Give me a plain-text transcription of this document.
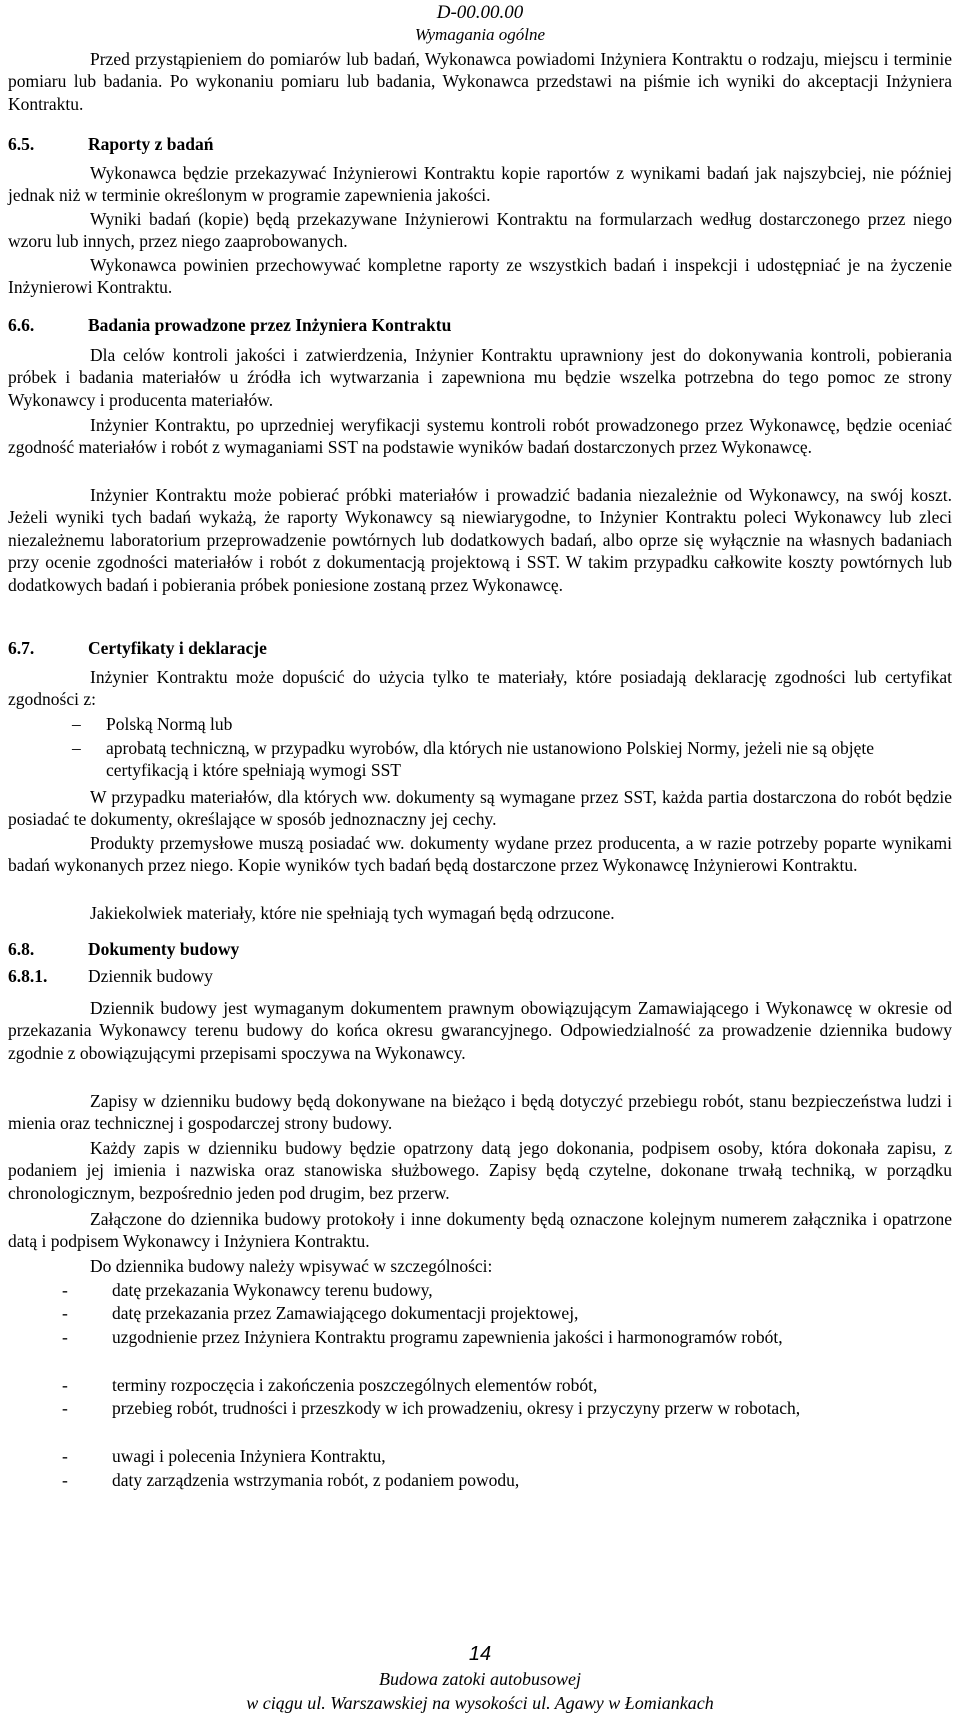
D-00.00.00
Wymagania ogólne
Przed przystąpieniem do pomiarów lub badań, Wykonawca powiadomi Inżyniera Kontraktu o rodzaju, miejscu i terminie pomiaru lub badania. Po wykonaniu pomiaru lub badania, Wykonawca przedstawi na piśmie ich wyniki do akceptacji Inżyniera Kontraktu.
6.5.	Raporty z badań
Wykonawca będzie przekazywać Inżynierowi Kontraktu kopie raportów z wynikami badań jak najszybciej, nie później jednak niż w terminie określonym w programie zapewnienia jakości.
Wyniki badań (kopie) będą przekazywane Inżynierowi Kontraktu na formularzach według dostarczonego przez niego wzoru lub innych, przez niego zaaprobowanych.
Wykonawca powinien przechowywać kompletne raporty ze wszystkich badań i inspekcji i udostępniać je na życzenie Inżynierowi Kontraktu.
6.6.	Badania prowadzone przez Inżyniera Kontraktu
Dla celów kontroli jakości i zatwierdzenia, Inżynier Kontraktu uprawniony jest do dokonywania kontroli, pobierania próbek i badania materiałów u źródła ich wytwarzania i zapewniona mu będzie wszelka potrzebna do tego pomoc ze strony Wykonawcy i producenta materiałów.
Inżynier Kontraktu, po uprzedniej weryfikacji systemu kontroli robót prowadzonego przez Wykonawcę, będzie oceniać zgodność materiałów i robót z wymaganiami SST na podstawie wyników badań dostarczonych przez Wykonawcę.
Inżynier Kontraktu może pobierać próbki materiałów i prowadzić badania niezależnie od Wykonawcy, na swój koszt. Jeżeli wyniki tych badań wykażą, że raporty Wykonawcy są niewiarygodne, to Inżynier Kontraktu poleci Wykonawcy lub zleci niezależnemu laboratorium przeprowadzenie powtórnych lub dodatkowych badań, albo oprze się wyłącznie na własnych badaniach przy ocenie zgodności materiałów i robót z dokumentacją projektową i SST. W takim przypadku całkowite koszty powtórnych lub dodatkowych badań i pobierania próbek poniesione zostaną przez Wykonawcę.
6.7.	Certyfikaty i deklaracje
Inżynier Kontraktu może dopuścić do użycia tylko te materiały, które posiadają deklarację zgodności lub certyfikat zgodności z:
– Polską Normą lub
– aprobatą techniczną, w przypadku wyrobów, dla których nie ustanowiono Polskiej Normy, jeżeli nie są objęte certyfikacją i które spełniają wymogi SST
W przypadku materiałów, dla których ww. dokumenty są wymagane przez SST, każda partia dostarczona do robót będzie posiadać te dokumenty, określające w sposób jednoznaczny jej cechy.
Produkty przemysłowe muszą posiadać ww. dokumenty wydane przez producenta, a w razie potrzeby poparte wynikami badań wykonanych przez niego. Kopie wyników tych badań będą dostarczone przez Wykonawcę Inżynierowi Kontraktu.
Jakiekolwiek materiały, które nie spełniają tych wymagań będą odrzucone.
6.8.	Dokumenty budowy
6.8.1. Dziennik budowy
Dziennik budowy jest wymaganym dokumentem prawnym obowiązującym Zamawiającego i Wykonawcę w okresie od przekazania Wykonawcy terenu budowy do końca okresu gwarancyjnego. Odpowiedzialność za prowadzenie dziennika budowy zgodnie z obowiązującymi przepisami spoczywa na Wykonawcy.
Zapisy w dzienniku budowy będą dokonywane na bieżąco i będą dotyczyć przebiegu robót, stanu bezpieczeństwa ludzi i mienia oraz technicznej i gospodarczej strony budowy.
Każdy zapis w dzienniku budowy będzie opatrzony datą jego dokonania, podpisem osoby, która dokonała zapisu, z podaniem jej imienia i nazwiska oraz stanowiska służbowego. Zapisy będą czytelne, dokonane trwałą techniką, w porządku chronologicznym, bezpośrednio jeden pod drugim, bez przerw.
Załączone do dziennika budowy protokoły i inne dokumenty będą oznaczone kolejnym numerem załącznika i opatrzone datą i podpisem Wykonawcy i Inżyniera Kontraktu.
Do dziennika budowy należy wpisywać w szczególności:
-	datę przekazania Wykonawcy terenu budowy,
-	datę przekazania przez Zamawiającego dokumentacji projektowej,
-	uzgodnienie przez Inżyniera Kontraktu programu zapewnienia jakości i harmonogramów robót,
-	terminy rozpoczęcia i zakończenia poszczególnych elementów robót,
-	przebieg robót, trudności i przeszkody w ich prowadzeniu, okresy i przyczyny przerw w robotach,
-	uwagi i polecenia Inżyniera Kontraktu,
-	daty zarządzenia wstrzymania robót, z podaniem powodu,
14
Budowa zatoki autobusowej
w ciągu ul. Warszawskiej na wysokości ul. Agawy w Łomiankach
